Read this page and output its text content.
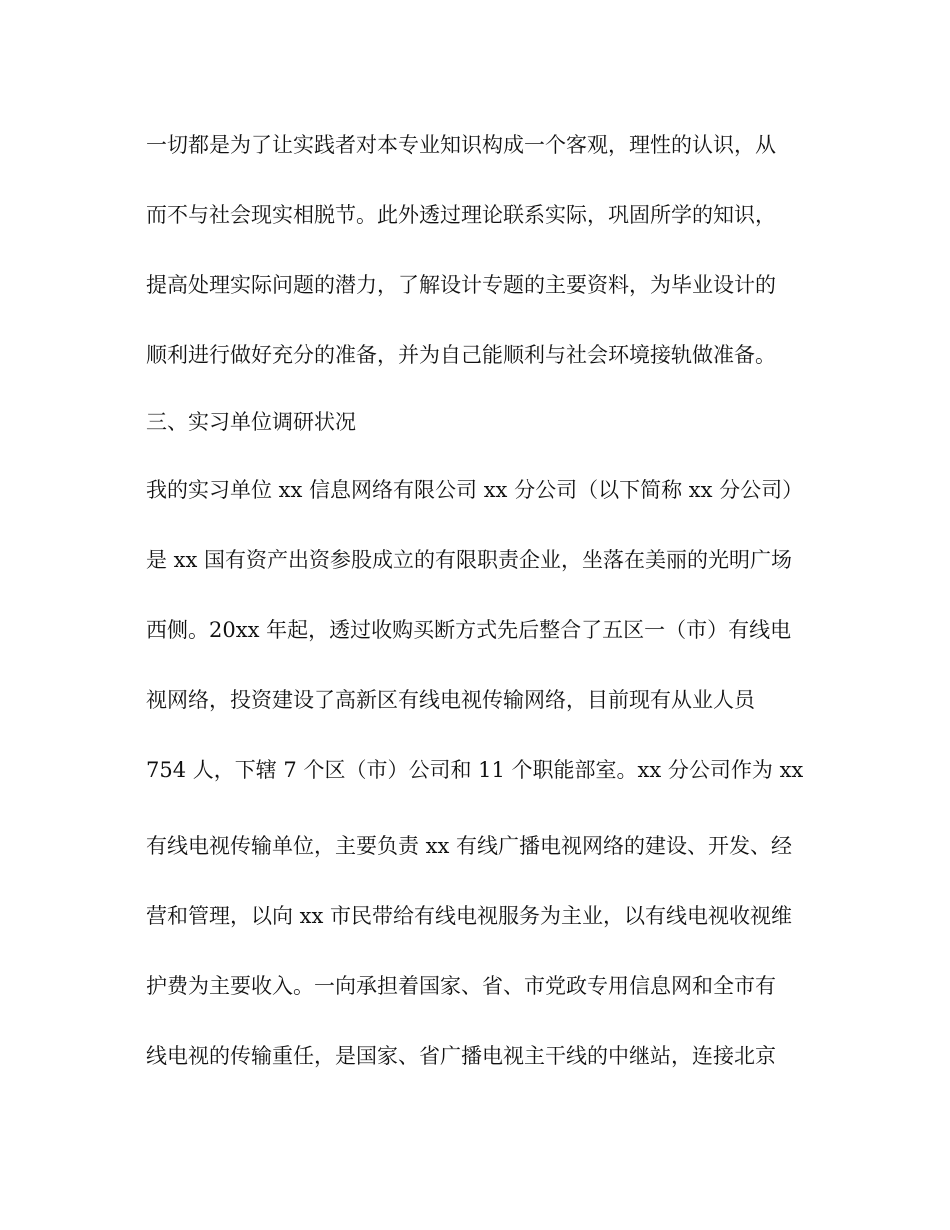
一切都是为了让实践者对本专业知识构成一个客观，理性的认识，从
而不与社会现实相脱节。此外透过理论联系实际，巩固所学的知识，
提高处理实际问题的潜力，了解设计专题的主要资料，为毕业设计的
顺利进行做好充分的准备，并为自己能顺利与社会环境接轨做准备。
三、实习单位调研状况
我的实习单位 xx 信息网络有限公司 xx 分公司（以下简称 xx 分公司）
是 xx 国有资产出资参股成立的有限职责企业，坐落在美丽的光明广场
西侧。20xx 年起，透过收购买断方式先后整合了五区一（市）有线电
视网络，投资建设了高新区有线电视传输网络，目前现有从业人员
754 人，下辖 7 个区（市）公司和 11 个职能部室。xx 分公司作为 xx
有线电视传输单位，主要负责 xx 有线广播电视网络的建设、开发、经
营和管理，以向 xx 市民带给有线电视服务为主业，以有线电视收视维
护费为主要收入。一向承担着国家、省、市党政专用信息网和全市有
线电视的传输重任，是国家、省广播电视主干线的中继站，连接北京
